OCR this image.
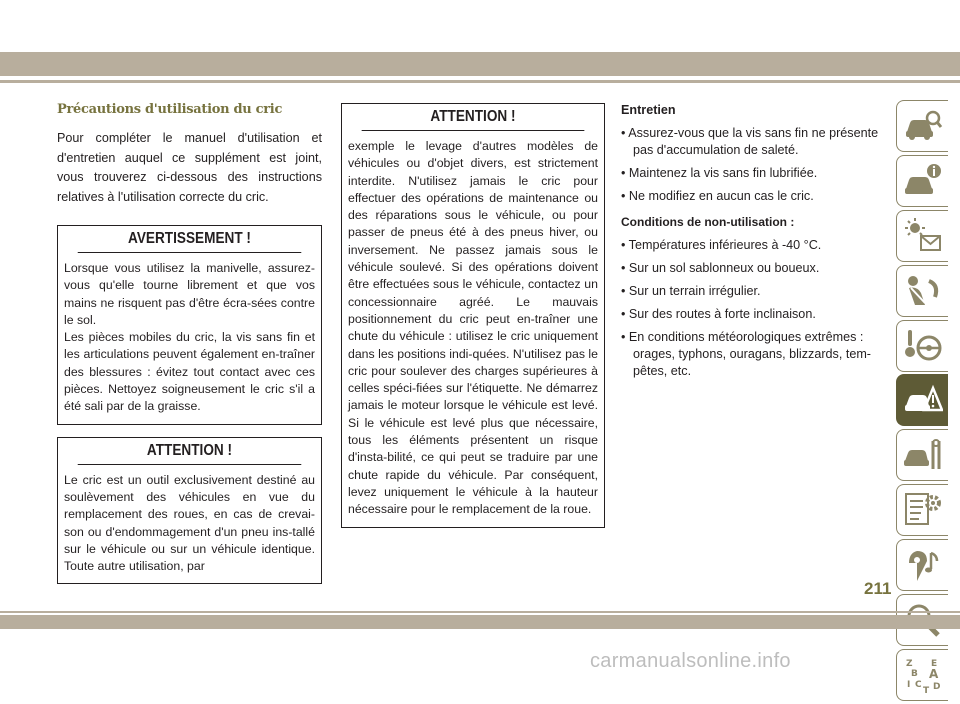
Précautions d'utilisation du cric

Pour compléter le manuel d'utilisation et d'entretien auquel ce supplément est joint, vous trouverez ci-dessous des instructions relatives à l'utilisation correcte du cric.

AVERTISSEMENT !
Lorsque vous utilisez la manivelle, assurez-vous qu'elle tourne librement et que vos mains ne risquent pas d'être écra-sées contre le sol.
Les pièces mobiles du cric, la vis sans fin et les articulations peuvent également en-traîner des blessures : évitez tout contact avec ces pièces. Nettoyez soigneusement le cric s'il a été sali par de la graisse.
ATTENTION !
Le cric est un outil exclusivement destiné au soulèvement des véhicules en vue du remplacement des roues, en cas de crevai-son ou d'endommagement d'un pneu ins-tallé sur le véhicule ou sur un véhicule identique. Toute autre utilisation, par
ATTENTION !
exemple le levage d'autres modèles de véhicules ou d'objet divers, est strictement interdite. N'utilisez jamais le cric pour effectuer des opérations de maintenance ou des réparations sous le véhicule, ou pour passer de pneus été à des pneus hiver, ou inversement. Ne passez jamais sous le véhicule soulevé. Si des opérations doivent être effectuées sous le véhicule, contactez un concessionnaire agréé. Le mauvais positionnement du cric peut en-traîner une chute du véhicule : utilisez le cric uniquement dans les positions indi-quées. N'utilisez pas le cric pour soulever des charges supérieures à celles spéci-fiées sur l'étiquette. Ne démarrez jamais le moteur lorsque le véhicule est levé. Si le véhicule est levé plus que nécessaire, tous les éléments présentent un risque d'insta-bilité, ce qui peut se traduire par une chute rapide du véhicule. Par conséquent, levez uniquement le véhicule à la hauteur nécessaire pour le remplacement de la roue.
Entretien
• Assurez-vous que la vis sans fin ne présente pas d'accumulation de saleté.
• Maintenez la vis sans fin lubrifiée.
• Ne modifiez en aucun cas le cric.
Conditions de non-utilisation :
• Températures inférieures à -40 °C.
• Sur un sol sablonneux ou boueux.
• Sur un terrain irrégulier.
• Sur des routes à forte inclinaison.
• En conditions météorologiques extrêmes : orages, typhons, ouragans, blizzards, tem-pêtes, etc.
Z E
B A
I C
T D
211
carmanualsonline.info
